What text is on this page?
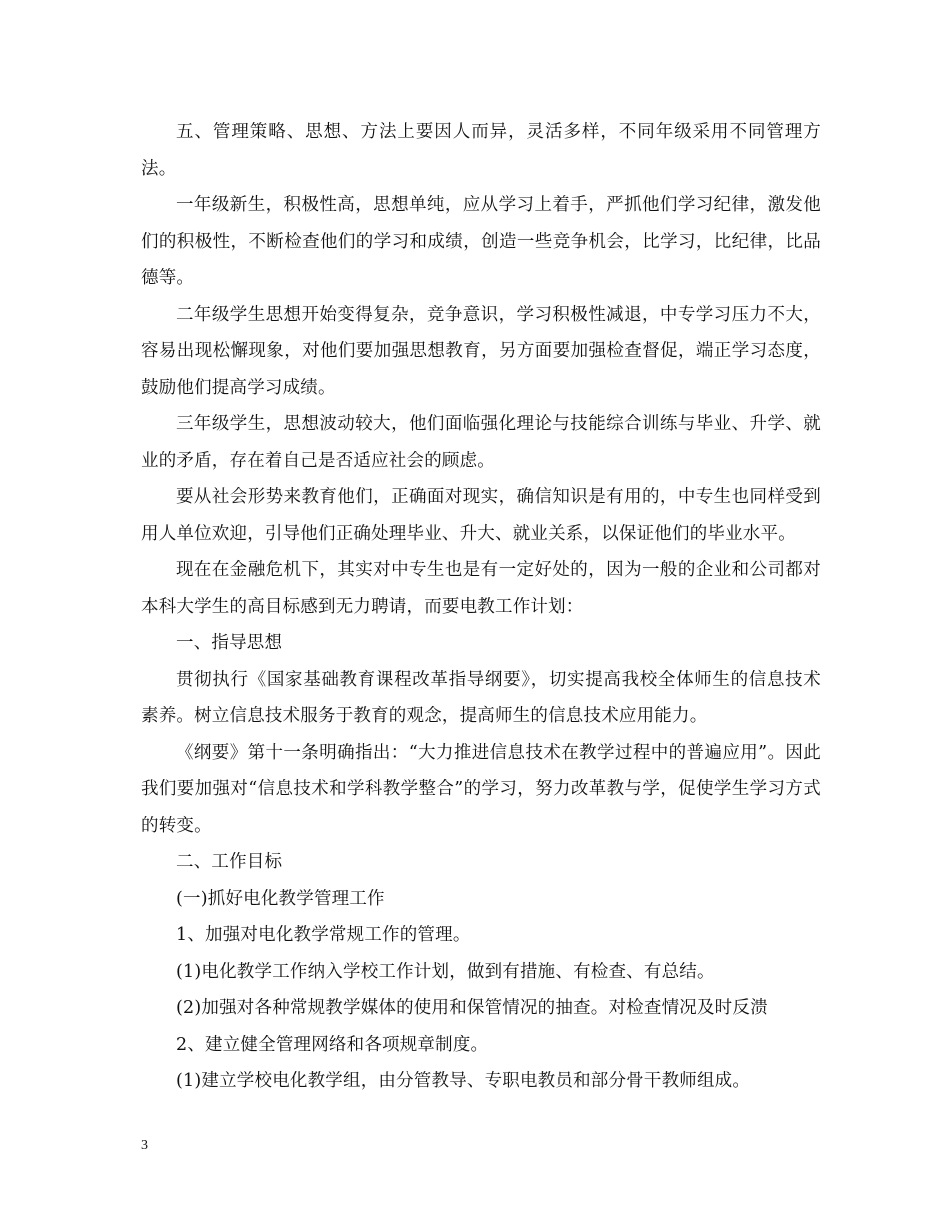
五、管理策略、思想、方法上要因人而异，灵活多样，不同年级采用不同管理方法。

一年级新生，积极性高，思想单纯，应从学习上着手，严抓他们学习纪律，激发他们的积极性，不断检查他们的学习和成绩，创造一些竞争机会，比学习，比纪律，比品德等。

二年级学生思想开始变得复杂，竞争意识，学习积极性减退，中专学习压力不大，容易出现松懈现象，对他们要加强思想教育，另方面要加强检查督促，端正学习态度，鼓励他们提高学习成绩。

三年级学生，思想波动较大，他们面临强化理论与技能综合训练与毕业、升学、就业的矛盾，存在着自己是否适应社会的顾虑。

要从社会形势来教育他们，正确面对现实，确信知识是有用的，中专生也同样受到用人单位欢迎，引导他们正确处理毕业、升大、就业关系，以保证他们的毕业水平。

现在在金融危机下，其实对中专生也是有一定好处的，因为一般的企业和公司都对本科大学生的高目标感到无力聘请，而要电教工作计划：

一、指导思想

贯彻执行《国家基础教育课程改革指导纲要》，切实提高我校全体师生的信息技术素养。树立信息技术服务于教育的观念，提高师生的信息技术应用能力。

《纲要》第十一条明确指出：“大力推进信息技术在教学过程中的普遍应用”。因此我们要加强对“信息技术和学科教学整合”的学习，努力改革教与学，促使学生学习方式的转变。

二、工作目标

(一)抓好电化教学管理工作

1、加强对电化教学常规工作的管理。

(1)电化教学工作纳入学校工作计划，做到有措施、有检查、有总结。

(2)加强对各种常规教学媒体的使用和保管情况的抽查。对检查情况及时反溃

2、建立健全管理网络和各项规章制度。

(1)建立学校电化教学组，由分管教导、专职电教员和部分骨干教师组成。

3
